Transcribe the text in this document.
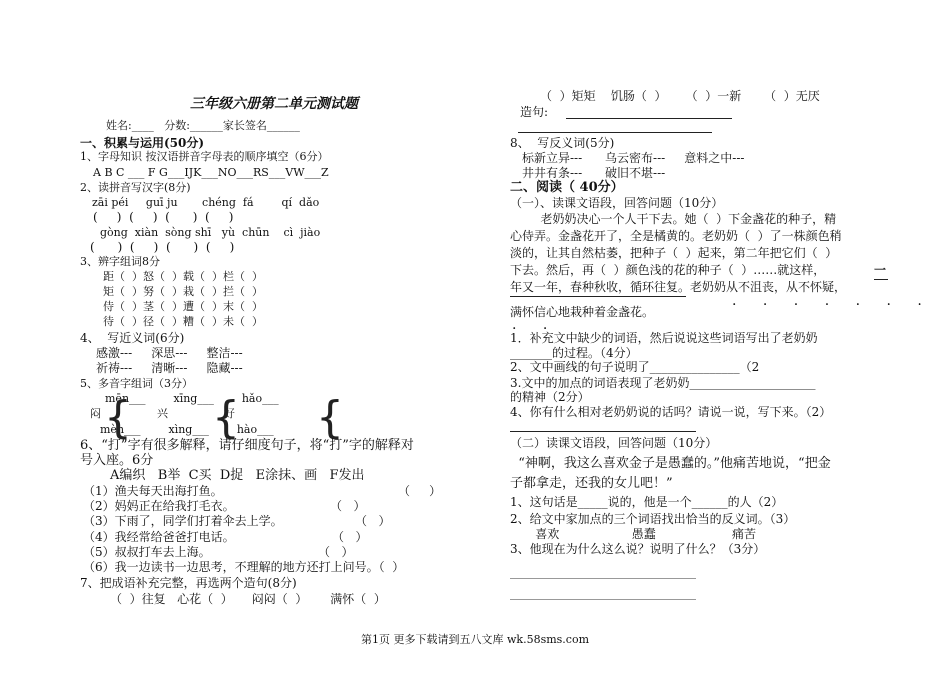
三年级六册第二单元测试题
姓名:____   分数:______家长签名______
一、积累与运用(50分)
1、字母知识 按汉语拼音字母表的顺序填空（6分）
A B C ___ F G___IJK___NO___RS___VW___Z
2、读拼音写汉字(8分)
zāi péi     guī ju       chéng  fá        qí  dǎo
(     )  (     )  (      )  (     )
gòng  xiàn  sòng shī   yù  chūn    cì  jiào
(      )  (     )  (      )  (     )
3、辨字组词8分
距（  ）怒（  ）载（  ）栏（  ）
矩（  ）努（  ）栽（  ）拦（  ）
侍（  ）茎（  ）遭（  ）末（  ）
待（  ）径（  ）糟（  ）未（  ）
4、  写近义词(6分)
感激---     深思---     整洁---
祈祷---     清晰---     隐藏---
5、多音字组词（3分）
mēn___        xīng___        hǎo___
闷                兴                好
mèn___        xìng___        hào___
{ { {
6、“打”字有很多解释，请仔细度句子，将“打”字的解释对
号入座。6分
A编织   B举  C买  D捉   E涂抹、画   F发出
（1）渔夫每天出海打鱼。
（2）妈妈正在给我打毛衣。
（3）下雨了，同学们打着伞去上学。
（4）我经常给爸爸打电话。
（5）叔叔打车去上海。
（6）我一边读书一边思考，不理解的地方还打上问号。（  ）
（     ）
（   ）
（   ）
（   ）
（   ）
7、把成语补充完整，再选两个造句(8分)
（  ）往复   心花（  ）     闷闷（  ）      满怀（  ）
（  ）矩矩    饥肠（  ）     （  ）一新      （  ）无厌
造句:
8、  写反义词(5分)
标新立异---      乌云密布---     意料之中---
井井有条---      破旧不堪---
二、阅读（ 40分）
（一）、读课文语段，回答问题（10分）
老奶奶决心一个人干下去。她（  ）下金盏花的种子，精
心侍弄。金盏花开了，全是橘黄的。老奶奶（  ）了一株颜色稍
淡的，让其自然枯萎，把种子（  ）起来，第二年把它们（  ）
下去。然后，再（  ）颜色浅的花的种子（  ）……就这样，	一
年又一年，春种秋收，循环往复。老奶奶从不沮丧，从不怀疑，
. . . . . . .
满怀信心地栽种着金盏花。
. .
1．补充文中缺少的词语，然后说说这些词语写出了老奶奶
_______的过程。（4分）
2、文中画线的句子说明了_______________（2
3.文中的加点的词语表现了老奶奶_____________________
的精神（2分）
4、你有什么相对老奶奶说的话吗？请说一说，写下来。（2）
（二）读课文语段，回答问题（10分）
“神啊，我这么喜欢金子是愚蠢的。”他痛苦地说，“把金
子都拿走，还我的女儿吧！”
1、这句话是_____说的，他是一个______的人（2）
2、给文中家加点的三个词语找出恰当的反义词。（3）
喜欢                   愚蠢                    痛苦
3、他现在为什么这么说？说明了什么？（3分）
第1页 更多下载请到五八文库 wk.58sms.com
